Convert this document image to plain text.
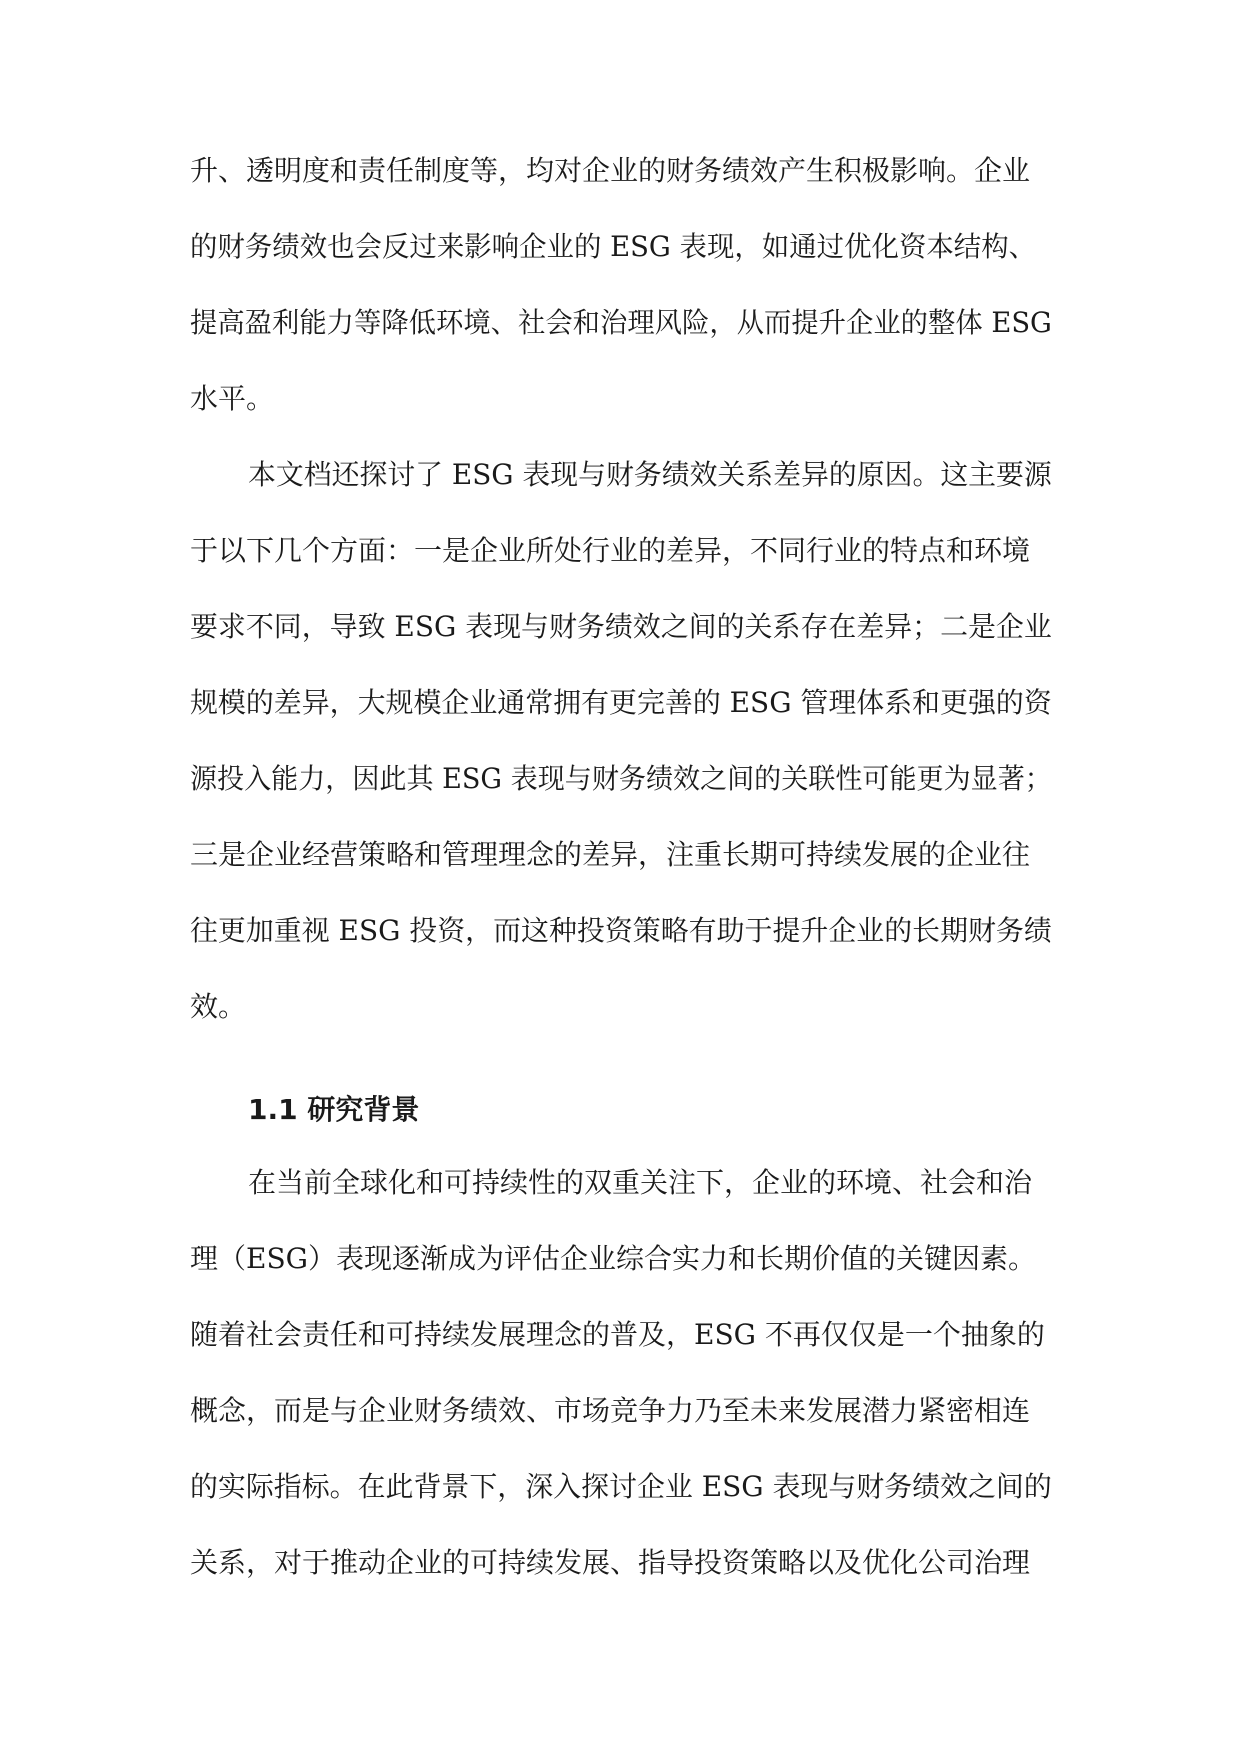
升、透明度和责任制度等，均对企业的财务绩效产生积极影响。企业
的财务绩效也会反过来影响企业的 ESG 表现，如通过优化资本结构、
提高盈利能力等降低环境、社会和治理风险，从而提升企业的整体 ESG
水平。
本文档还探讨了 ESG 表现与财务绩效关系差异的原因。这主要源
于以下几个方面：一是企业所处行业的差异，不同行业的特点和环境
要求不同，导致 ESG 表现与财务绩效之间的关系存在差异；二是企业
规模的差异，大规模企业通常拥有更完善的 ESG 管理体系和更强的资
源投入能力，因此其 ESG 表现与财务绩效之间的关联性可能更为显著；
三是企业经营策略和管理理念的差异，注重长期可持续发展的企业往
往更加重视 ESG 投资，而这种投资策略有助于提升企业的长期财务绩
效。
1.1 研究背景
在当前全球化和可持续性的双重关注下，企业的环境、社会和治
理（ESG）表现逐渐成为评估企业综合实力和长期价值的关键因素。
随着社会责任和可持续发展理念的普及，ESG 不再仅仅是一个抽象的
概念，而是与企业财务绩效、市场竞争力乃至未来发展潜力紧密相连
的实际指标。在此背景下，深入探讨企业 ESG 表现与财务绩效之间的
关系，对于推动企业的可持续发展、指导投资策略以及优化公司治理
